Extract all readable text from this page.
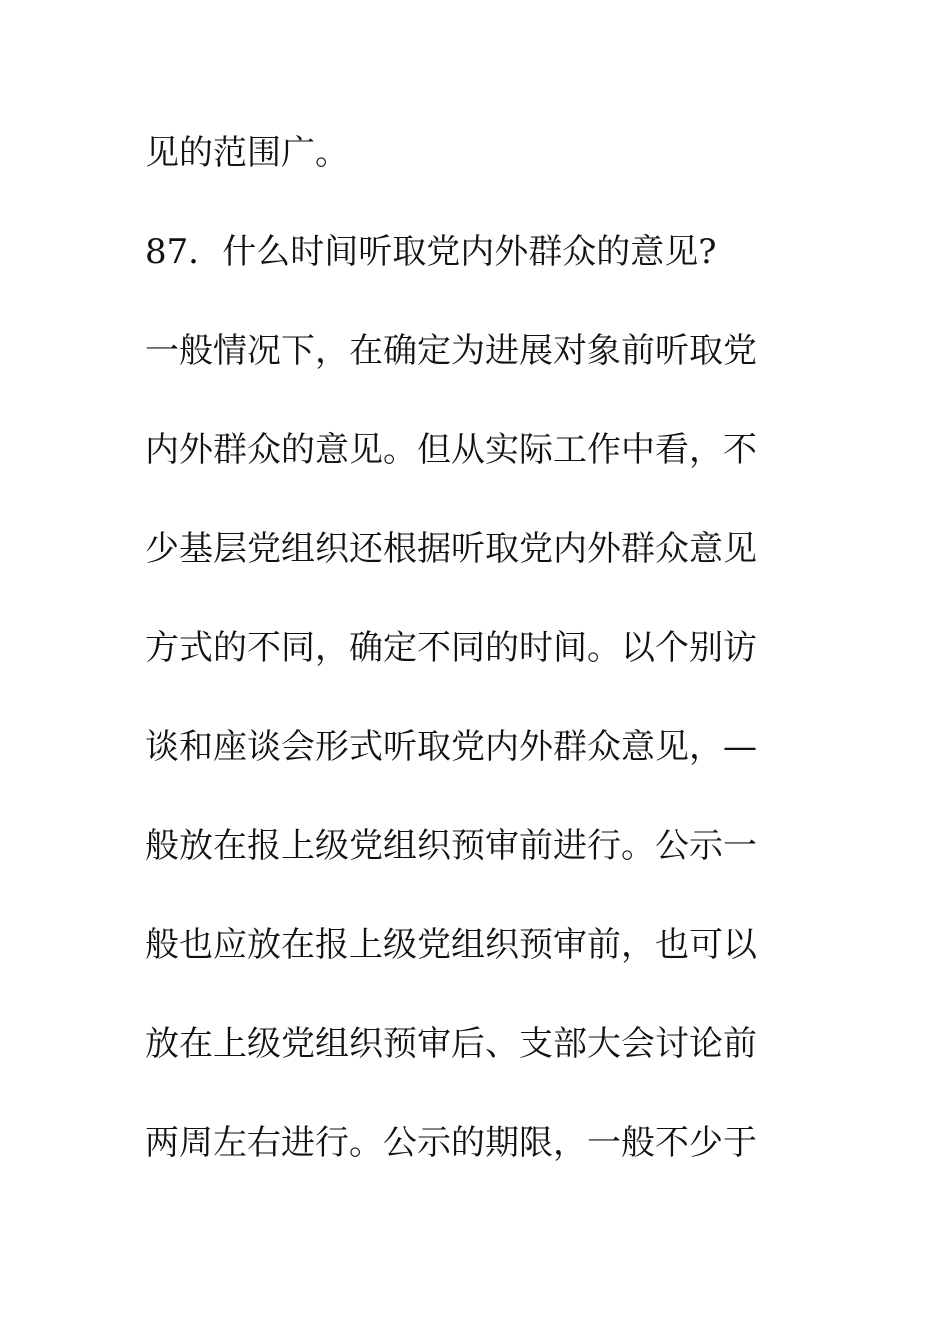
见的范围广。
87．什么时间听取党内外群众的意见?
一般情况下，在确定为进展对象前听取党
内外群众的意见。但从实际工作中看，不
少基层党组织还根据听取党内外群众意见
方式的不同，确定不同的时间。以个别访
谈和座谈会形式听取党内外群众意见，—
般放在报上级党组织预审前进行。公示一
般也应放在报上级党组织预审前，也可以
放在上级党组织预审后、支部大会讨论前
两周左右进行。公示的期限，一般不少于
